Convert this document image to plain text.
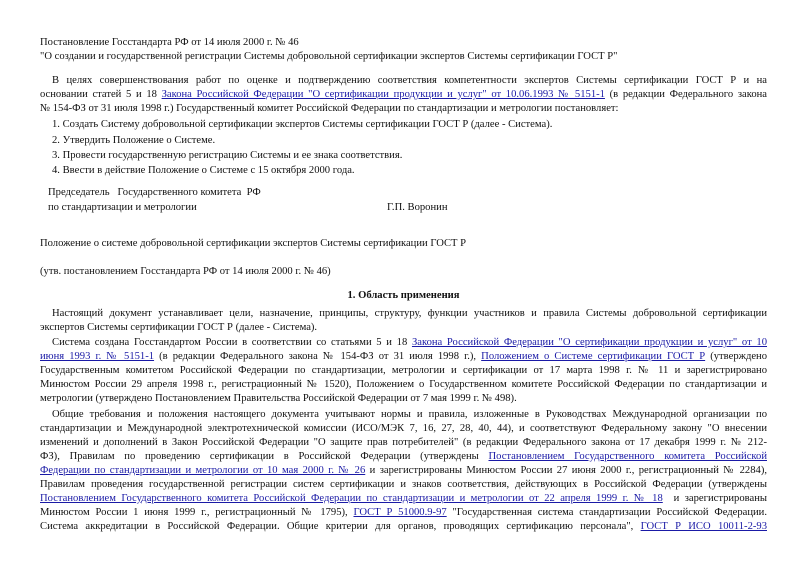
Постановление Госстандарта РФ от 14 июля 2000 г. № 46
"О создании и государственной регистрации Системы добровольной сертификации экспертов Системы сертификации ГОСТ Р"
В целях совершенствования работ по оценке и подтверждению соответствия компетентности экспертов Системы сертификации ГОСТ Р и на
основании статей 5 и 18 Закона Российской Федерации "О сертификации продукции и услуг" от 10.06.1993 № 5151-1 (в редакции Федерального закона
№ 154-ФЗ от 31 июля 1998 г.) Государственный комитет Российской Федерации по стандартизации и метрологии постановляет:
1. Создать Систему добровольной сертификации экспертов Системы сертификации ГОСТ Р (далее - Система).
2. Утвердить Положение о Системе.
3. Провести государственную регистрацию Системы и ее знака соответствия.
4. Ввести в действие Положение о Системе с 15 октября 2000 года.
Председатель   Государственного комитета  РФ
по стандартизации и метрологии	Г.П. Воронин
Положение о системе добровольной сертификации экспертов Системы сертификации ГОСТ Р
(утв. постановлением Госстандарта РФ от 14 июля 2000 г. № 46)
1. Область применения
Настоящий документ устанавливает цели, назначение, принципы, структуру, функции участников и правила Системы добровольной сертификации
экспертов Системы сертификации ГОСТ Р (далее - Система).
Система создана Госстандартом России в соответствии со статьями 5 и 18 Закона Российской Федерации "О сертификации продукции и услуг" от 10
июня 1993 г. № 5151-1 (в редакции Федерального закона № 154-ФЗ от 31 июля 1998 г.), Положением о Системе сертификации ГОСТ Р (утверждено
Государственным комитетом Российской Федерации по стандартизации, метрологии и сертификации от 17 марта 1998 г. № 11 и зарегистрировано
Минюстом России 29 апреля 1998 г., регистрационный № 1520), Положением о Государственном комитете Российской Федерации по стандартизации и
метрологии (утверждено Постановлением Правительства Российской Федерации от 7 мая 1999 г. № 498).
Общие требования и положения настоящего документа учитывают нормы и правила, изложенные в Руководствах Международной организации по
стандартизации и Международной электротехнической комиссии (ИСО/МЭК 7, 16, 27, 28, 40, 44), и соответствуют Федеральному закону "О внесении
изменений и дополнений в Закон Российской Федерации "О защите прав потребителей" (в редакции Федерального закона от 17 декабря 1999 г. № 212-
ФЗ), Правилам по проведению сертификации в Российской Федерации (утверждены Постановлением Государственного комитета Российской
Федерации по стандартизации и метрологии от 10 мая 2000 г. № 26 и зарегистрированы Минюстом России 27 июня 2000 г., регистрационный № 2284),
Правилам проведения государственной регистрации систем сертификации и знаков соответствия, действующих в Российской Федерации (утверждены
Постановлением Государственного комитета Российской Федерации по стандартизации и метрологии от 22 апреля 1999 г. № 18  и зарегистрированы
Минюстом России 1 июня 1999 г., регистрационный № 1795), ГОСТ Р 51000.9-97 "Государственная система стандартизации Российской Федерации.
Система аккредитации в Российской Федерации. Общие критерии для органов, проводящих сертификацию персонала", ГОСТ Р ИСО 10011-2-93
